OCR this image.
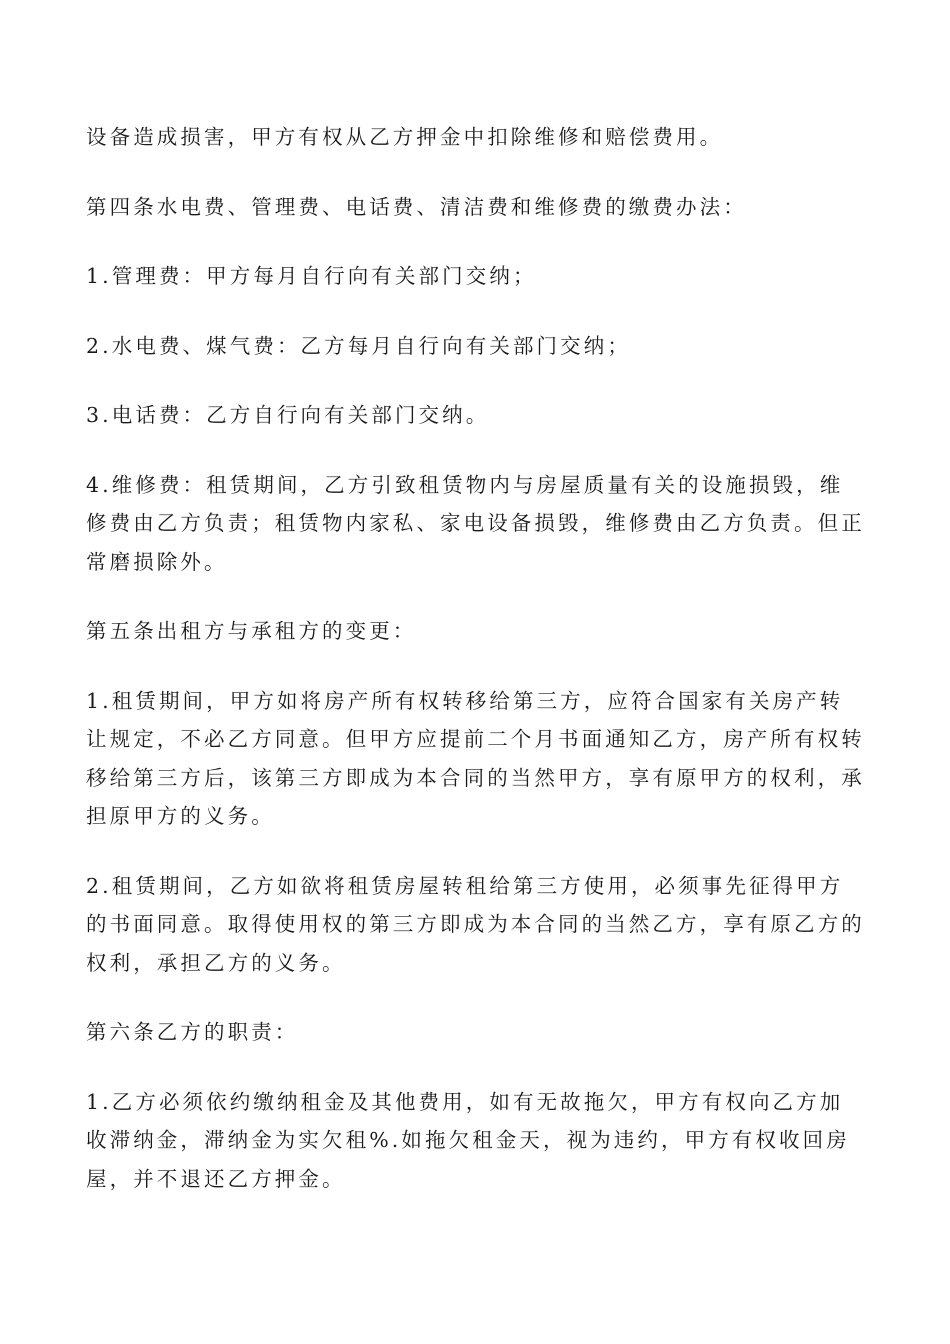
设备造成损害，甲方有权从乙方押金中扣除维修和赔偿费用。

第四条水电费、管理费、电话费、清洁费和维修费的缴费办法：

1.管理费：甲方每月自行向有关部门交纳；

2.水电费、煤气费：乙方每月自行向有关部门交纳；

3.电话费：乙方自行向有关部门交纳。

4.维修费：租赁期间，乙方引致租赁物内与房屋质量有关的设施损毁，维修费由乙方负责；租赁物内家私、家电设备损毁，维修费由乙方负责。但正常磨损除外。

第五条出租方与承租方的变更：

1.租赁期间，甲方如将房产所有权转移给第三方，应符合国家有关房产转让规定，不必乙方同意。但甲方应提前二个月书面通知乙方，房产所有权转移给第三方后，该第三方即成为本合同的当然甲方，享有原甲方的权利，承担原甲方的义务。

2.租赁期间，乙方如欲将租赁房屋转租给第三方使用，必须事先征得甲方的书面同意。取得使用权的第三方即成为本合同的当然乙方，享有原乙方的权利，承担乙方的义务。

第六条乙方的职责：

1.乙方必须依约缴纳租金及其他费用，如有无故拖欠，甲方有权向乙方加收滞纳金，滞纳金为实欠租%.如拖欠租金天，视为违约，甲方有权收回房屋，并不退还乙方押金。
